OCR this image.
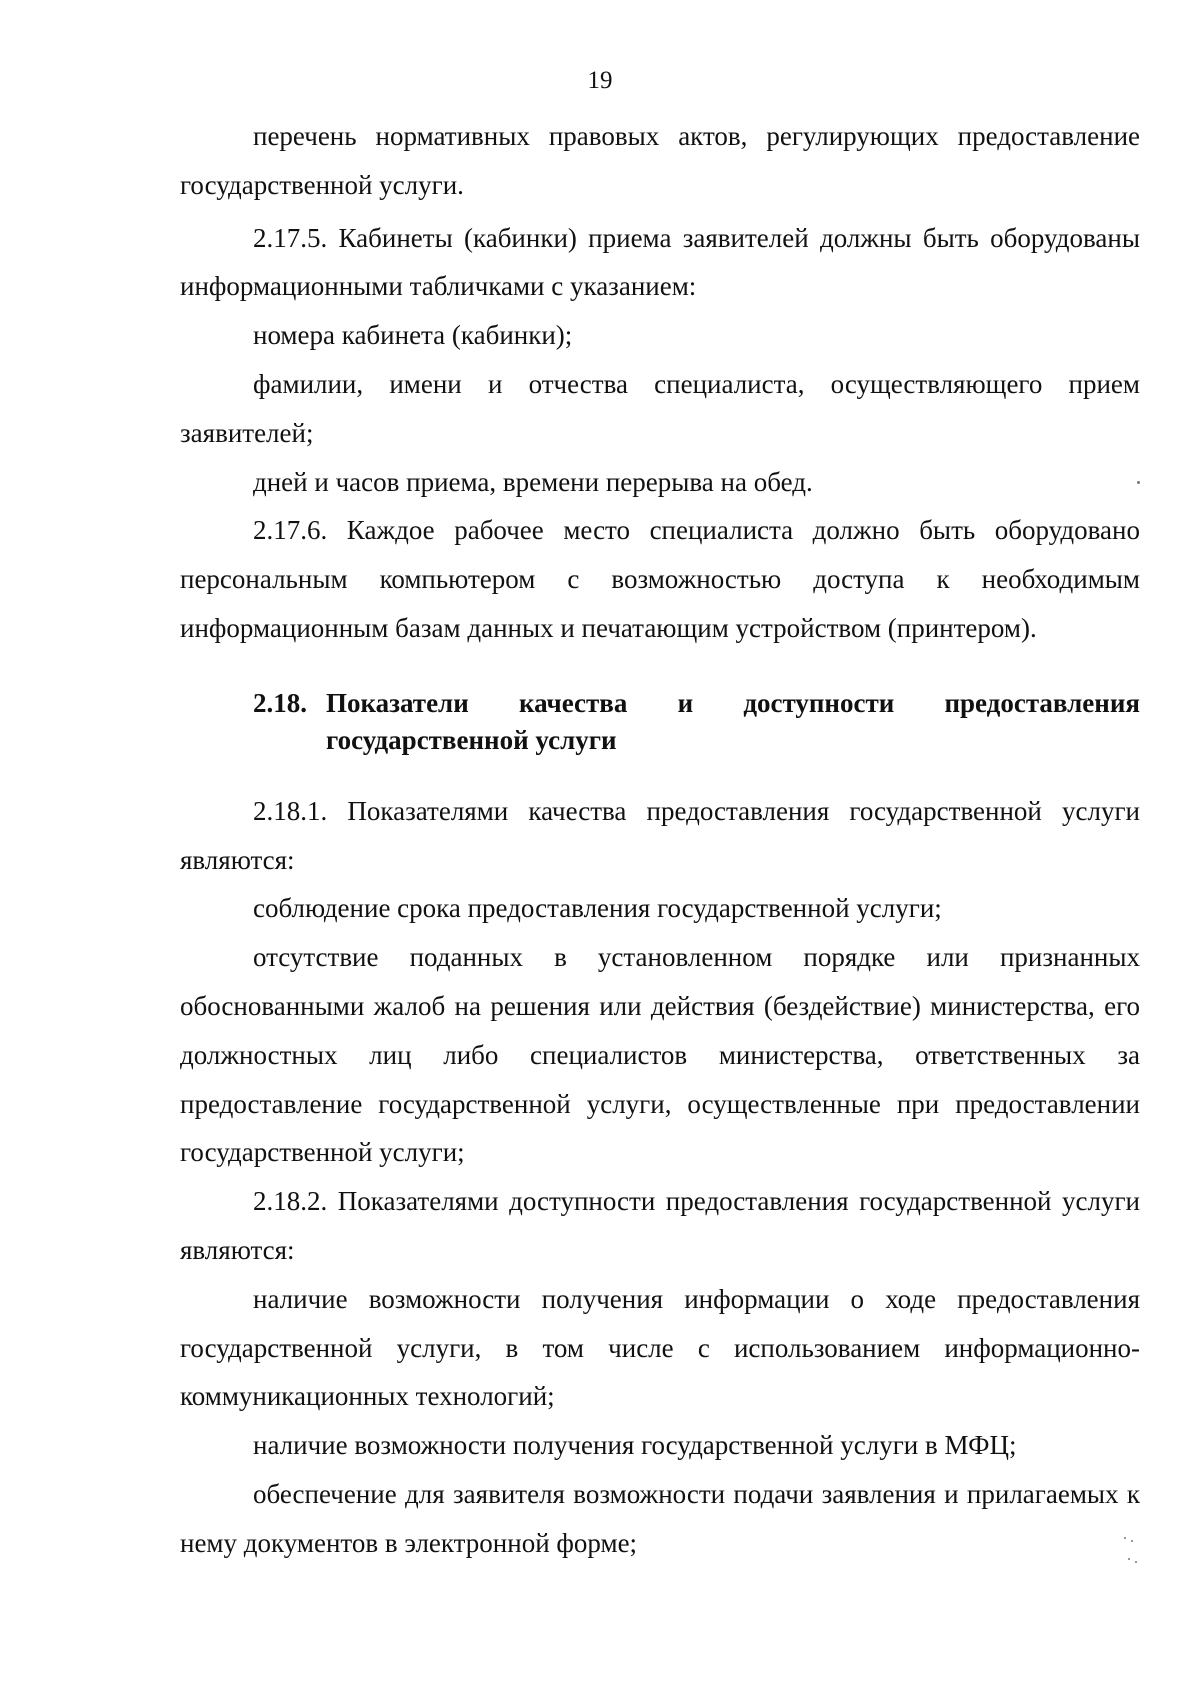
19

перечень нормативных правовых актов, регулирующих предоставление государственной услуги.

2.17.5. Кабинеты (кабинки) приема заявителей должны быть оборудованы информационными табличками с указанием:

номера кабинета (кабинки);

фамилии, имени и отчества специалиста, осуществляющего прием заявителей;

дней и часов приема, времени перерыва на обед.

2.17.6. Каждое рабочее место специалиста должно быть оборудовано персональным компьютером с возможностью доступа к необходимым информационным базам данных и печатающим устройством (принтером).

2.18. Показатели качества и доступности предоставления государственной услуги

2.18.1. Показателями качества предоставления государственной услуги являются:

соблюдение срока предоставления государственной услуги;

отсутствие поданных в установленном порядке или признанных обоснованными жалоб на решения или действия (бездействие) министерства, его должностных лиц либо специалистов министерства, ответственных за предоставление государственной услуги, осуществленные при предоставлении государственной услуги;

2.18.2. Показателями доступности предоставления государственной услуги являются:

наличие возможности получения информации о ходе предоставления государственной услуги, в том числе с использованием информационно-коммуникационных технологий;

наличие возможности получения государственной услуги в МФЦ;

обеспечение для заявителя возможности подачи заявления и прилагаемых к нему документов в электронной форме;
